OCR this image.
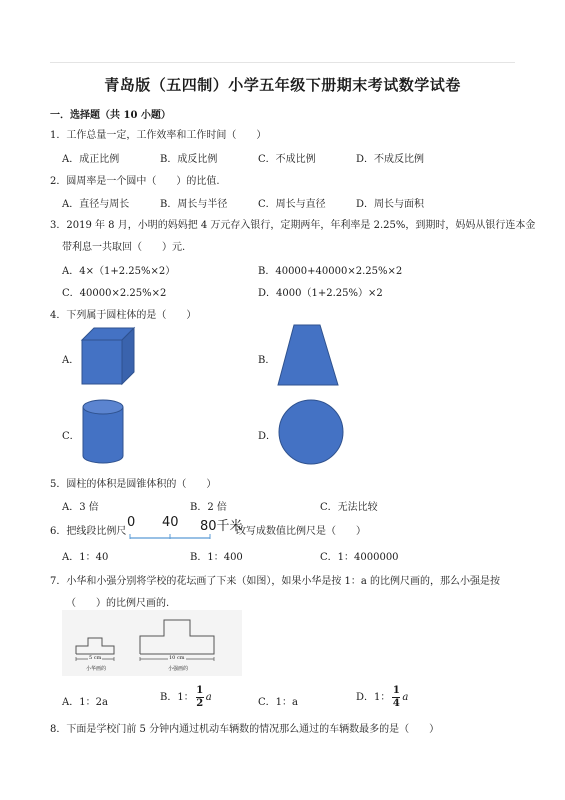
青岛版（五四制）小学五年级下册期末考试数学试卷
一．选择题（共 10 小题）
1．工作总量一定，工作效率和工作时间（　　）
A．成正比例	B．成反比例	C．不成比例	D．不成反比例
2．圆周率是一个圆中（　　）的比值.
A．直径与周长	B．周长与半径	C．周长与直径	D．周长与面积
3．2019 年 8 月，小明的妈妈把 4 万元存入银行，定期两年，年利率是 2.25%，到期时，妈妈从银行连本金
带利息一共取回（　　）元.
A．4×（1+2.25%×2）	B．40000+40000×2.25%×2
C．40000×2.25%×2	D．4000（1+2.25%）×2
4．下列属于圆柱体的是（　　）
A．	B．
C．	D．
5．圆柱的体积是圆锥体积的（　　）
A．3 倍	B．2 倍	C．无法比较
6．把线段比例尺
0 40 80千米
改写成数值比例尺是（　　）
A．1：40	B．1：400	C．1：4000000
7．小华和小强分别将学校的花坛画了下来（如图），如果小华是按 1：a 的比例尺画的，那么小强是按
（　　）的比例尺画的.
5 cm
小华画的
10 cm
小强画的
A．1：2a	B．1： $\frac{1}{2}$ a	C．1：a	D．1： $\frac{1}{4}$ a
8．下面是学校门前 5 分钟内通过机动车辆数的情况那么通过的车辆数最多的是（　　）
